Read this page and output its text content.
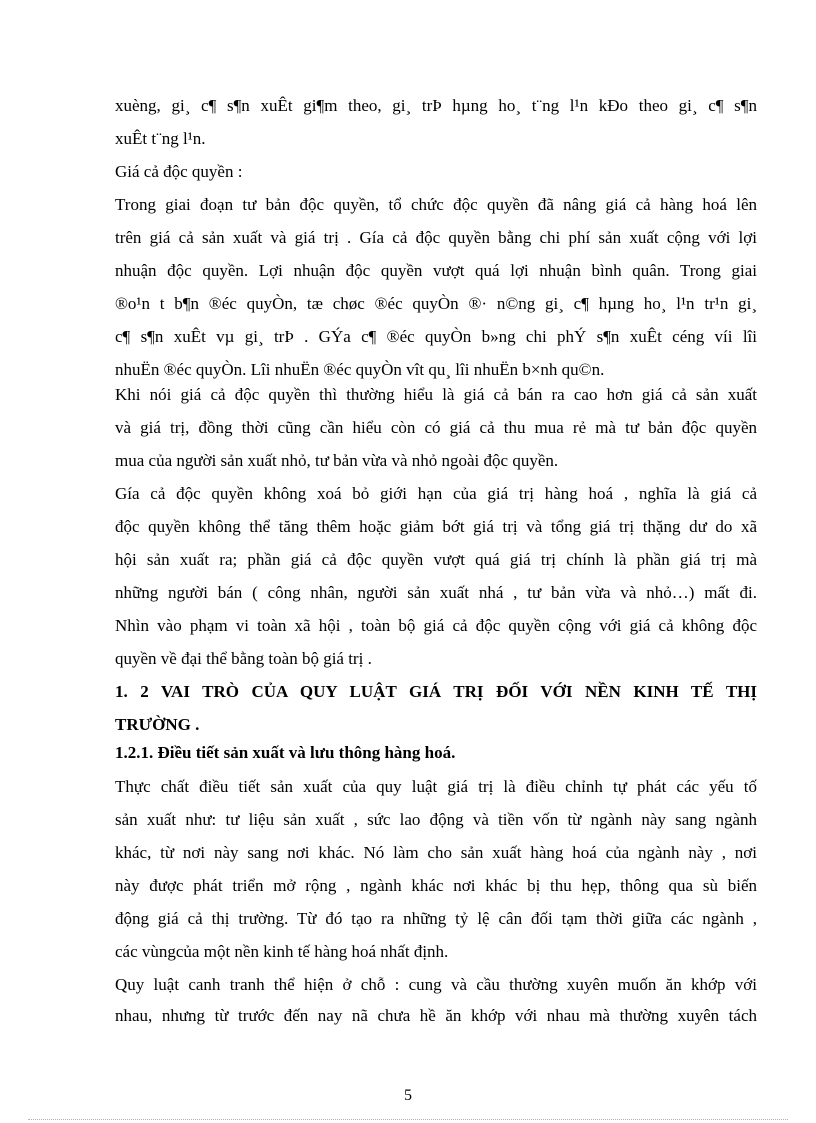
xuèng, gi¸ c¶ s¶n xuÊt gi¶m theo, gi¸ trÞ hµng ho¸ t¨ng l¹n kÐo theo gi¸ c¶ s¶n

xuÊt t¨ng l¹n.

Giá cả độc quyền :

Trong giai đoạn tư bản độc quyền, tổ chức độc quyền đã nâng giá cả hàng hoá lên

trên giá cả sản xuất và giá trị . Gía cả độc quyền bằng chi phí sản xuất cộng với lợi

nhuận độc quyền. Lợi nhuận độc quyền vượt quá lợi nhuận bình quân. Trong giai

®o¹n t b¶n ®éc quyÒn, tæ chøc ®éc quyÒn ®· n©ng gi¸ c¶ hµng ho¸ l¹n tr¹n gi¸

c¶ s¶n xuÊt vµ gi¸ trÞ . GÝa c¶ ®éc quyÒn b»ng chi phÝ s¶n xuÊt céng víi lîi

nhuËn ®éc quyÒn. Lîi nhuËn ®éc quyÒn vît qu¸ lîi nhuËn b×nh qu©n.

Khi nói giá cả độc quyền thì thường hiểu là giá cả bán ra cao hơn giá cả sản xuất

và giá trị, đồng thời cũng cần hiểu còn có giá cả thu mua rẻ mà tư bản độc quyền

mua của người sản xuất nhỏ, tư bản vừa và nhỏ ngoài độc quyền.

Gía cả độc quyền không xoá bỏ giới hạn của giá trị hàng hoá , nghĩa là giá cả

độc quyền không thể tăng thêm hoặc giảm bớt giá trị và tổng giá trị thặng dư do xã

hội sản xuất ra; phần giá cả độc quyền vượt quá giá trị chính là phần giá trị mà

những người bán ( công nhân, người sản xuất nhá , tư bản vừa và nhỏ…) mất đi.

Nhìn vào phạm vi toàn xã hội , toàn bộ giá cả độc quyền cộng với giá cả không độc

quyền về đại thể bằng toàn bộ giá trị .

1. 2 VAI TRÒ CỦA QUY LUẬT GIÁ TRỊ ĐỐI VỚI NỀN KINH TẾ THỊ

TRƯỜNG .

1.2.1. Điều tiết sản xuất và lưu thông hàng hoá.

Thực chất điều tiết sản xuất của quy luật giá trị là điều chỉnh tự phát các yếu tố

sản xuất như: tư liệu sản xuất , sức lao động và tiền vốn từ ngành này sang ngành

khác, từ nơi này sang nơi khác. Nó làm cho sản xuất hàng hoá của ngành này , nơi

này được phát triển mở rộng , ngành khác nơi khác bị thu hẹp, thông qua sù biến

động giá cả thị trường. Từ đó tạo ra những tỷ lệ cân đối tạm thời giữa các ngành ,

các vùngcủa một nền kinh tế hàng hoá nhất định.

Quy luật canh tranh thể hiện ở chỗ : cung và cầu thường xuyên muốn ăn khớp với

nhau, nhưng từ trước đến nay nã chưa hề ăn khớp với nhau mà thường xuyên tách

5
